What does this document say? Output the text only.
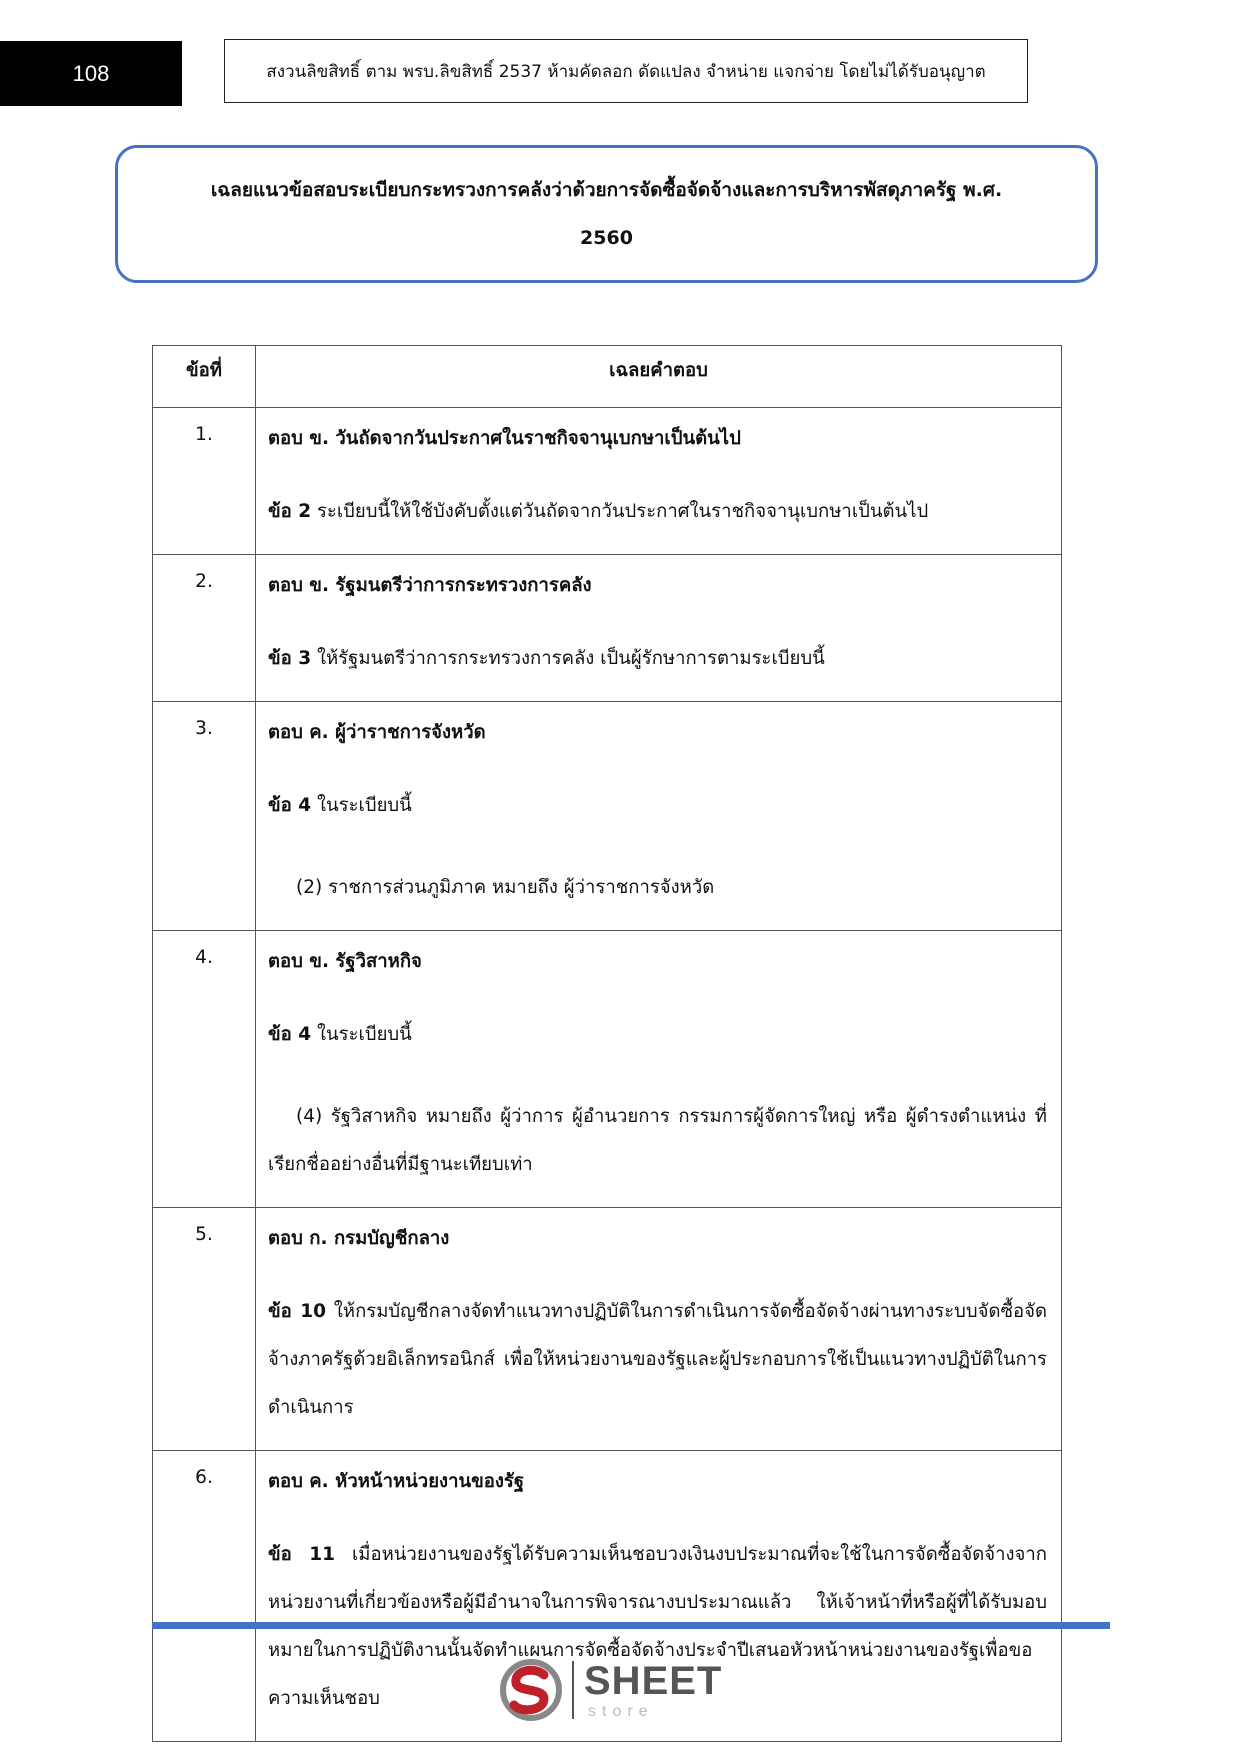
108	สงวนลิขสิทธิ์ ตาม พรบ.ลิขสิทธิ์ 2537 ห้ามคัดลอก ดัดแปลง จำหน่าย แจกจ่าย โดยไม่ได้รับอนุญาต
เฉลยแนวข้อสอบระเบียบกระทรวงการคลังว่าด้วยการจัดซื้อจัดจ้างและการบริหารพัสดุภาครัฐ พ.ศ.
2560
ข้อที่	เฉลยคำตอบ
1.	ตอบ ข. วันถัดจากวันประกาศในราชกิจจานุเบกษาเป็นต้นไป
ข้อ 2 ระเบียบนี้ให้ใช้บังคับตั้งแต่วันถัดจากวันประกาศในราชกิจจานุเบกษาเป็นต้นไป

2.	ตอบ ข. รัฐมนตรีว่าการกระทรวงการคลัง
ข้อ 3 ให้รัฐมนตรีว่าการกระทรวงการคลัง เป็นผู้รักษาการตามระเบียบนี้

3.	ตอบ ค. ผู้ว่าราชการจังหวัด
ข้อ 4 ในระเบียบนี้
(2) ราชการส่วนภูมิภาค หมายถึง ผู้ว่าราชการจังหวัด

4.	ตอบ ข. รัฐวิสาหกิจ
ข้อ 4 ในระเบียบนี้
(4) รัฐวิสาหกิจ หมายถึง ผู้ว่าการ ผู้อำนวยการ กรรมการผู้จัดการใหญ่ หรือ ผู้ดำรงตำแหน่ง ที่เรียกชื่ออย่างอื่นที่มีฐานะเทียบเท่า

5.	ตอบ ก. กรมบัญชีกลาง
ข้อ 10 ให้กรมบัญชีกลางจัดทำแนวทางปฏิบัติในการดำเนินการจัดซื้อจัดจ้างผ่านทางระบบจัดซื้อจัดจ้างภาครัฐด้วยอิเล็กทรอนิกส์ เพื่อให้หน่วยงานของรัฐและผู้ประกอบการใช้เป็นแนวทางปฏิบัติในการดำเนินการ

6.	ตอบ ค. หัวหน้าหน่วยงานของรัฐ
ข้อ 11 เมื่อหน่วยงานของรัฐได้รับความเห็นชอบวงเงินงบประมาณที่จะใช้ในการจัดซื้อจัดจ้างจากหน่วยงานที่เกี่ยวข้องหรือผู้มีอำนาจในการพิจารณางบประมาณแล้ว ให้เจ้าหน้าที่หรือผู้ที่ได้รับมอบหมายในการปฏิบัติงานนั้นจัดทำแผนการจัดซื้อจัดจ้างประจำปีเสนอหัวหน้าหน่วยงานของรัฐเพื่อขอความเห็นชอบ	SHEET
store
